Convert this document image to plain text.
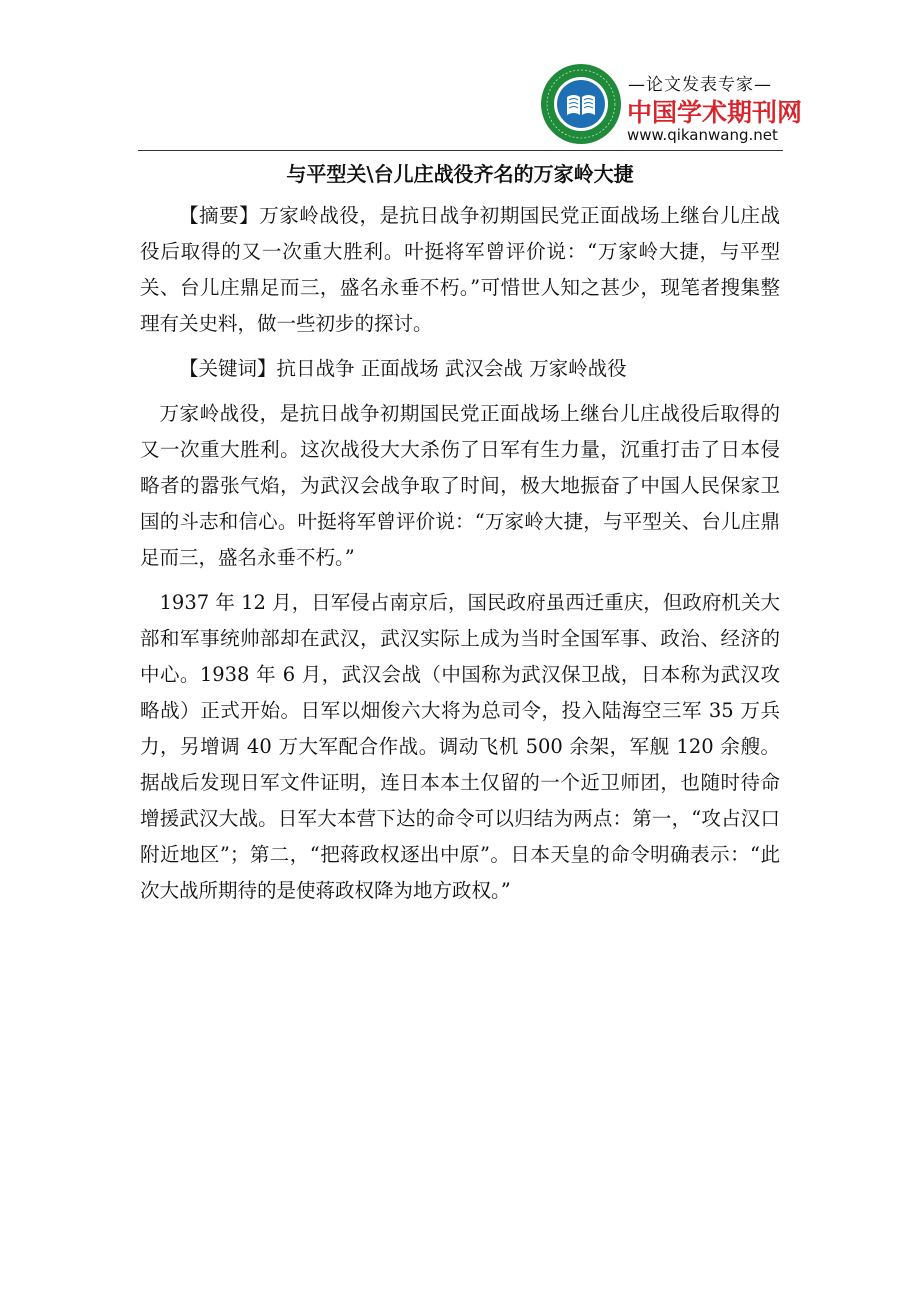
—论文发表专家—
中国学术期刊网
www.qikanwang.net
与平型关\台儿庄战役齐名的万家岭大捷

【摘要】万家岭战役，是抗日战争初期国民党正面战场上继台儿庄战役后取得的又一次重大胜利。叶挺将军曾评价说：“万家岭大捷，与平型关、台儿庄鼎足而三，盛名永垂不朽。”可惜世人知之甚少，现笔者搜集整理有关史料，做一些初步的探讨。

【关键词】抗日战争 正面战场 武汉会战 万家岭战役

万家岭战役，是抗日战争初期国民党正面战场上继台儿庄战役后取得的又一次重大胜利。这次战役大大杀伤了日军有生力量，沉重打击了日本侵略者的嚣张气焰，为武汉会战争取了时间，极大地振奋了中国人民保家卫国的斗志和信心。叶挺将军曾评价说：“万家岭大捷，与平型关、台儿庄鼎足而三，盛名永垂不朽。”

1937 年 12 月，日军侵占南京后，国民政府虽西迁重庆，但政府机关大部和军事统帅部却在武汉，武汉实际上成为当时全国军事、政治、经济的中心。1938 年 6 月，武汉会战（中国称为武汉保卫战，日本称为武汉攻略战）正式开始。日军以畑俊六大将为总司令，投入陆海空三军 35 万兵力，另增调 40 万大军配合作战。调动飞机 500 余架，军舰 120 余艘。据战后发现日军文件证明，连日本本土仅留的一个近卫师团，也随时待命增援武汉大战。日军大本营下达的命令可以归结为两点：第一，“攻占汉口附近地区”；第二，“把蒋政权逐出中原”。日本天皇的命令明确表示：“此次大战所期待的是使蒋政权降为地方政权。”
